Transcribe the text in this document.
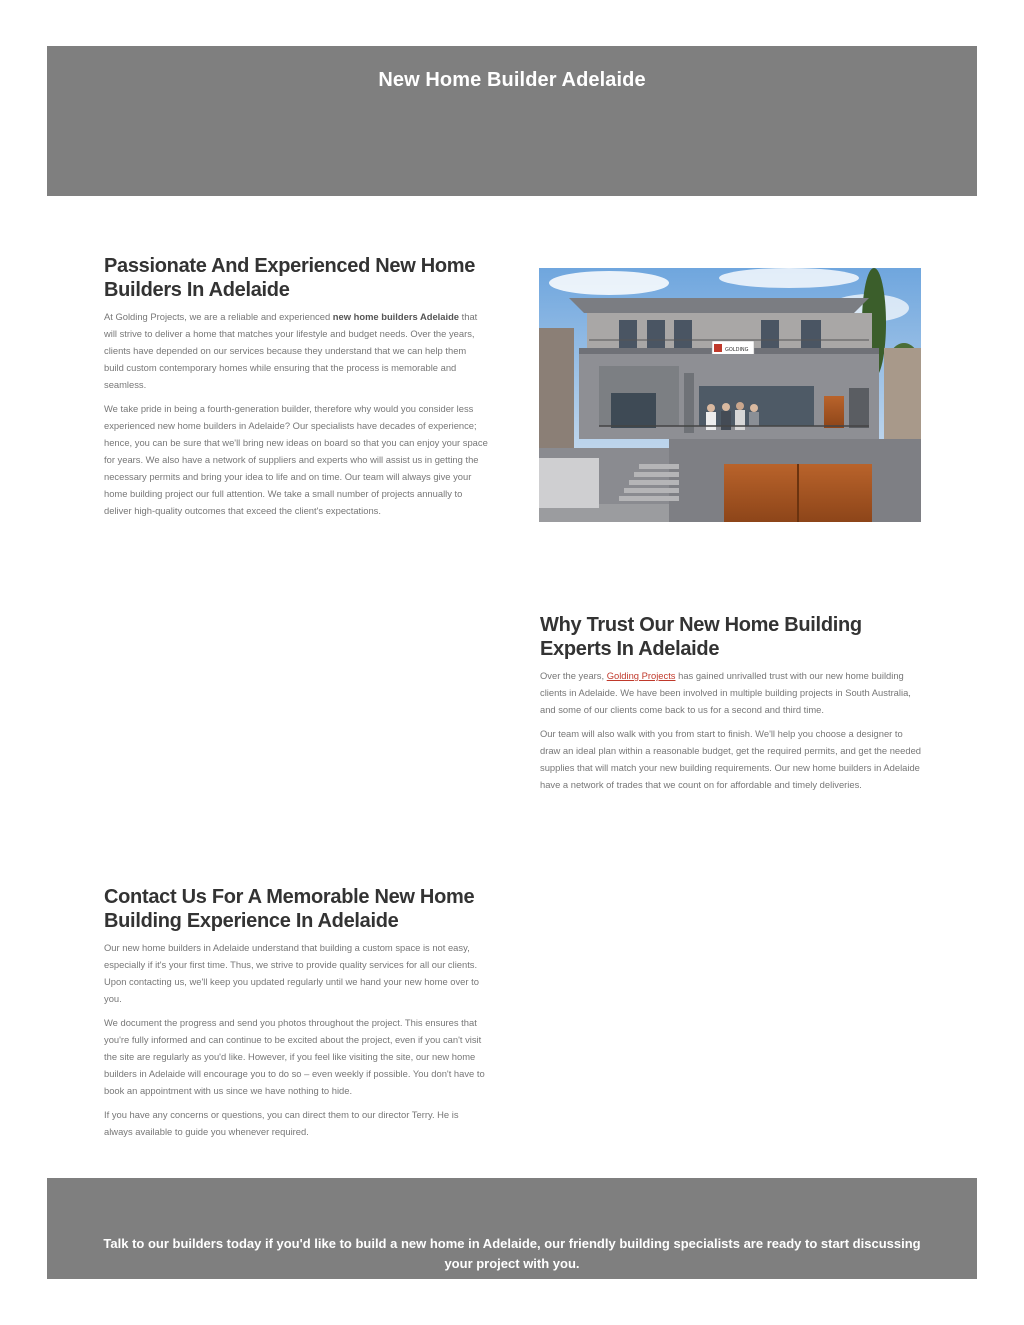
New Home Builder Adelaide
Passionate And Experienced New Home Builders In Adelaide

At Golding Projects, we are a reliable and experienced new home builders Adelaide that will strive to deliver a home that matches your lifestyle and budget needs. Over the years, clients have depended on our services because they understand that we can help them build custom contemporary homes while ensuring that the process is memorable and seamless.

We take pride in being a fourth-generation builder, therefore why would you consider less experienced new home builders in Adelaide? Our specialists have decades of experience; hence, you can be sure that we'll bring new ideas on board so that you can enjoy your space for years. We also have a network of suppliers and experts who will assist us in getting the necessary permits and bring your idea to life and on time. Our team will always give your home building project our full attention. We take a small number of projects annually to deliver high-quality outcomes that exceed the client's expectations.

GOLDING
Why Trust Our New Home Building Experts In Adelaide

Over the years, Golding Projects has gained unrivalled trust with our new home building clients in Adelaide. We have been involved in multiple building projects in South Australia, and some of our clients come back to us for a second and third time.

Our team will also walk with you from start to finish. We'll help you choose a designer to draw an ideal plan within a reasonable budget, get the required permits, and get the needed supplies that will match your new building requirements. Our new home builders in Adelaide have a network of trades that we count on for affordable and timely deliveries.

Contact Us For A Memorable New Home Building Experience In Adelaide

Our new home builders in Adelaide understand that building a custom space is not easy, especially if it's your first time. Thus, we strive to provide quality services for all our clients. Upon contacting us, we'll keep you updated regularly until we hand your new home over to you.

We document the progress and send you photos throughout the project. This ensures that you're fully informed and can continue to be excited about the project, even if you can't visit the site are regularly as you'd like. However, if you feel like visiting the site, our new home builders in Adelaide will encourage you to do so – even weekly if possible. You don't have to book an appointment with us since we have nothing to hide.

If you have any concerns or questions, you can direct them to our director Terry. He is always available to guide you whenever required.

Talk to our builders today if you'd like to build a new home in Adelaide, our friendly building specialists are ready to start discussing your project with you.
